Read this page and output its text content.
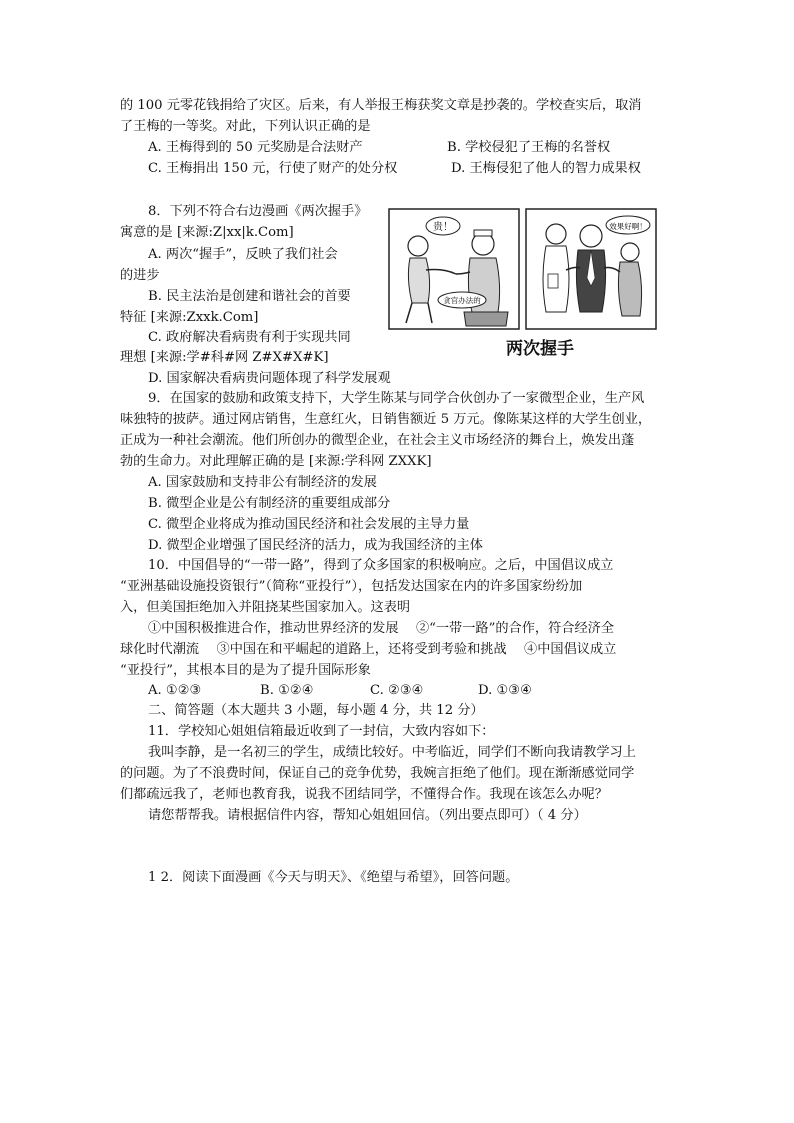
的 100 元零花钱捐给了灾区。后来，有人举报王梅获奖文章是抄袭的。学校查实后，取消
了王梅的一等奖。对此，下列认识正确的是
A. 王梅得到的 50 元奖励是合法财产	B. 学校侵犯了王梅的名誉权
C. 王梅捐出 150 元，行使了财产的处分权	D. 王梅侵犯了他人的智力成果权
8．下列不符合右边漫画《两次握手》
寓意的是 [来源:Z|xx|k.Com]
A. 两次“握手”，反映了我们社会
的进步
B. 民主法治是创建和谐社会的首要
特征 [来源:Zxxk.Com]
C. 政府解决看病贵有利于实现共同
理想 [来源:学#科#网 Z#X#X#K]
D. 国家解决看病贵问题体现了科学发展观
贵！
贪官办法的
效果好啊！
两次握手
9．在国家的鼓励和政策支持下，大学生陈某与同学合伙创办了一家微型企业，生产风
味独特的披萨。通过网店销售，生意红火，日销售额近 5 万元。像陈某这样的大学生创业，
正成为一种社会潮流。他们所创办的微型企业，在社会主义市场经济的舞台上，焕发出蓬
勃的生命力。对此理解正确的是 [来源:学科网 ZXXK]
A. 国家鼓励和支持非公有制经济的发展
B. 微型企业是公有制经济的重要组成部分
C. 微型企业将成为推动国民经济和社会发展的主导力量
D. 微型企业增强了国民经济的活力，成为我国经济的主体
10．中国倡导的“一带一路”，得到了众多国家的积极响应。之后，中国倡议成立
“亚洲基础设施投资银行”（简称“亚投行”），包括发达国家在内的许多国家纷纷加
入，但美国拒绝加入并阻挠某些国家加入。这表明
①中国积极推进合作，推动世界经济的发展　 ②“一带一路”的合作，符合经济全
球化时代潮流　 ③中国在和平崛起的道路上，还将受到考验和挑战　 ④中国倡议成立
“亚投行”，其根本目的是为了提升国际形象
A. ①②③	B. ①②④	C. ②③④	D. ①③④
二、简答题（本大题共 3 小题，每小题 4 分，共 12 分）
11．学校知心姐姐信箱最近收到了一封信，大致内容如下：
我叫李静，是一名初三的学生，成绩比较好。中考临近，同学们不断向我请教学习上
的问题。为了不浪费时间，保证自己的竞争优势，我婉言拒绝了他们。现在渐渐感觉同学
们都疏远我了，老师也教育我，说我不团结同学，不懂得合作。我现在该怎么办呢？
请您帮帮我。请根据信件内容，帮知心姐姐回信。（列出要点即可）（ 4 分）
1 2．阅读下面漫画《今天与明天》、《绝望与希望》，回答问题。
